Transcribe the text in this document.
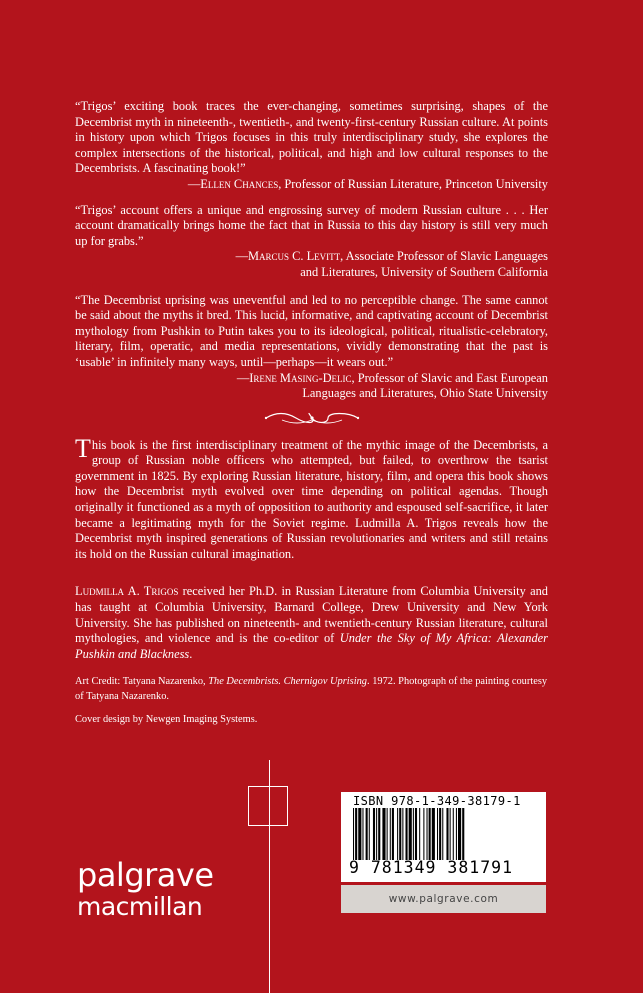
“Trigos’ exciting book traces the ever-changing, sometimes surprising, shapes of the Decembrist myth in nineteenth-, twentieth-, and twenty-first-century Russian culture. At points in history upon which Trigos focuses in this truly interdisciplinary study, she explores the complex intersections of the historical, political, and high and low cultural responses to the Decembrists. A fascinating book!”

—Ellen Chances, Professor of Russian Literature, Princeton University

“Trigos’ account offers a unique and engrossing survey of modern Russian culture . . . Her account dramatically brings home the fact that in Russia to this day history is still very much up for grabs.”

—Marcus C. Levitt, Associate Professor of Slavic Languages

and Literatures, University of Southern California

“The Decembrist uprising was uneventful and led to no perceptible change. The same cannot be said about the myths it bred. This lucid, informative, and captivating account of Decembrist mythology from Pushkin to Putin takes you to its ideological, political, ritualistic-celebratory, literary, film, operatic, and media representations, vividly demonstrating that the past is ‘usable’ in infinitely many ways, until—perhaps—it wears out.”

—Irene Masing-Delic, Professor of Slavic and East European

Languages and Literatures, Ohio State University

This book is the first interdisciplinary treatment of the mythic image of the Decembrists, a group of Russian noble officers who attempted, but failed, to overthrow the tsarist government in 1825. By exploring Russian literature, history, film, and opera this book shows how the Decembrist myth evolved over time depending on political agendas. Though originally it functioned as a myth of opposition to authority and espoused self-sacrifice, it later became a legitimating myth for the Soviet regime. Ludmilla A. Trigos reveals how the Decembrist myth inspired generations of Russian revolutionaries and writers and still retains its hold on the Russian cultural imagination.

Ludmilla A. Trigos received her Ph.D. in Russian Literature from Columbia University and has taught at Columbia University, Barnard College, Drew University and New York University. She has published on nineteenth- and twentieth-century Russian literature, cultural mythologies, and violence and is the co-editor of Under the Sky of My Africa: Alexander Pushkin and Blackness.

Art Credit: Tatyana Nazarenko, The Decembrists. Chernigov Uprising. 1972. Photograph of the painting courtesy of Tatyana Nazarenko.

Cover design by Newgen Imaging Systems.

palgrave
macmillan
ISBN 978-1-349-38179-1
9 781349 381791
www.palgrave.com
